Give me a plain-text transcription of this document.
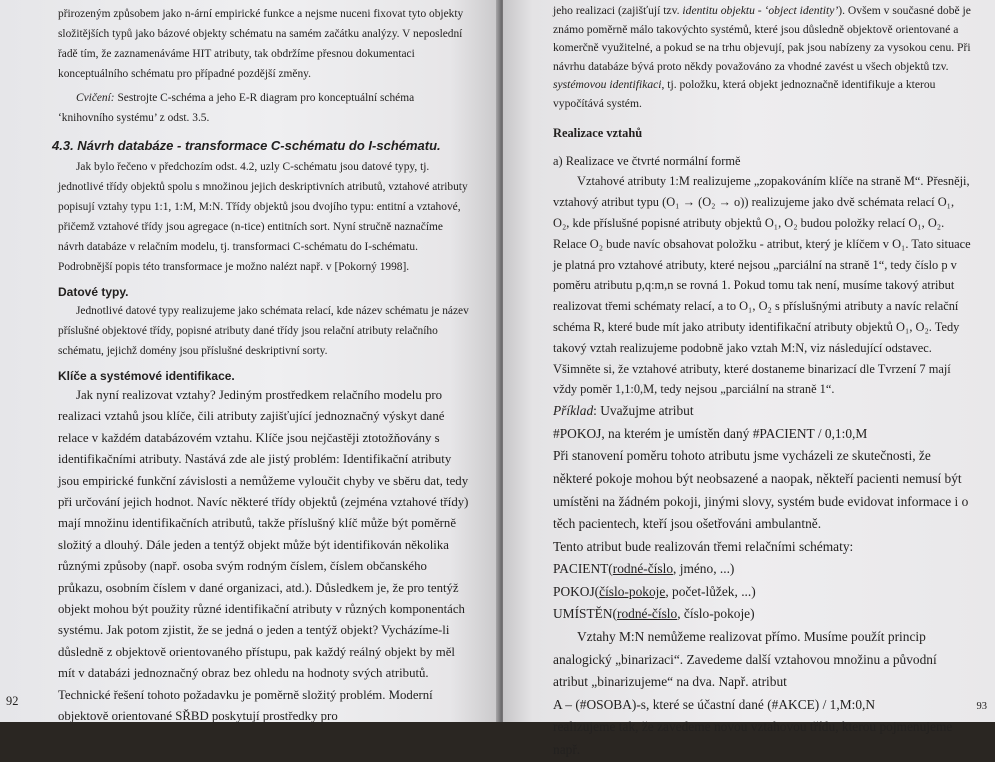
přirozeným způsobem jako n-ární empirické funkce a nejsme nuceni fixovat tyto objekty složitějších typů jako bázové objekty schématu na samém začátku analýzy. V neposlední řadě tím, že zaznamenáváme HIT atributy, tak obdržíme přesnou dokumentaci konceptuálního schématu pro případné pozdější změny.

Cvičení: Sestrojte C-schéma a jeho E-R diagram pro konceptuální schéma ‘knihovního systému’ z odst. 3.5.

4.3. Návrh databáze - transformace C-schématu do I-schématu.

Jak bylo řečeno v předchozím odst. 4.2, uzly C-schématu jsou datové typy, tj. jednotlivé třídy objektů spolu s množinou jejich deskriptivních atributů, vztahové atributy popisují vztahy typu 1:1, 1:M, M:N. Třídy objektů jsou dvojího typu: entitní a vztahové, přičemž vztahové třídy jsou agregace (n-tice) entitních sort. Nyní stručně naznačíme návrh databáze v relačním modelu, tj. transformaci C-schématu do I-schématu. Podrobnější popis této transformace je možno nalézt např. v [Pokorný 1998].

Datové typy.

Jednotlivé datové typy realizujeme jako schémata relací, kde název schématu je název příslušné objektové třídy, popisné atributy dané třídy jsou relační atributy relačního schématu, jejichž domény jsou příslušné deskriptivní sorty.

Klíče a systémové identifikace.

Jak nyní realizovat vztahy? Jediným prostředkem relačního modelu pro realizaci vztahů jsou klíče, čili atributy zajišťující jednoznačný výskyt dané relace v každém databázovém vztahu. Klíče jsou nejčastěji ztotožňovány s identifikačními atributy. Nastává zde ale jistý problém: Identifikační atributy jsou empirické funkční závislosti a nemůžeme vyloučit chyby ve sběru dat, tedy při určování jejich hodnot. Navíc některé třídy objektů (zejména vztahové třídy) mají množinu identifikačních atributů, takže příslušný klíč může být poměrně složitý a dlouhý. Dále jeden a tentýž objekt může být identifikován několika různými způsoby (např. osoba svým rodným číslem, číslem občanského průkazu, osobním číslem v dané organizaci, atd.). Důsledkem je, že pro tentýž objekt mohou být použity různé identifikační atributy v různých komponentách systému. Jak potom zjistit, že se jedná o jeden a tentýž objekt? Vycházíme-li důsledně z objektově orientovaného přístupu, pak každý reálný objekt by měl mít v databázi jednoznačný obraz bez ohledu na hodnoty svých atributů. Technické řešení tohoto požadavku je poměrně složitý problém. Moderní objektově orientované SŘBD poskytují prostředky pro

92

jeho realizaci (zajišťují tzv. identitu objektu - ‘object identity’). Ovšem v současné době je známo poměrně málo takovýchto systémů, které jsou důsledně objektově orientované a komerčně využitelné, a pokud se na trhu objevují, pak jsou nabízeny za vysokou cenu. Při návrhu databáze bývá proto někdy považováno za vhodné zavést u všech objektů tzv. systémovou identifikaci, tj. položku, která objekt jednoznačně identifikuje a kterou vypočítává systém.

Realizace vztahů

a) Realizace ve čtvrté normální formě

Vztahové atributy 1:M realizujeme „zopakováním klíče na straně M“. Přesněji, vztahový atribut typu (O₁ → (O₂ → o)) realizujeme jako dvě schémata relací O₁, O₂, kde příslušné popisné atributy objektů O₁, O₂ budou položky relací O₁, O₂. Relace O₂ bude navíc obsahovat položku - atribut, který je klíčem v O₁. Tato situace je platná pro vztahové atributy, které nejsou „parciální na straně 1“, tedy číslo p v poměru atributu p,q:m,n se rovná 1. Pokud tomu tak není, musíme takový atribut realizovat třemi schématy relací, a to O₁, O₂ s příslušnými atributy a navíc relační schéma R, které bude mít jako atributy identifikační atributy objektů O₁, O₂. Tedy takový vztah realizujeme podobně jako vztah M:N, viz následující odstavec. Všimněte si, že vztahové atributy, které dostaneme binarizací dle Tvrzení 7 mají vždy poměr 1,1:0,M, tedy nejsou „parciální na straně 1“.

Příklad: Uvažujme atribut

#POKOJ, na kterém je umístěn daný #PACIENT / 0,1:0,M

Při stanovení poměru tohoto atributu jsme vycházeli ze skutečnosti, že některé pokoje mohou být neobsazené a naopak, někteří pacienti nemusí být umístěni na žádném pokoji, jinými slovy, systém bude evidovat informace i o těch pacientech, kteří jsou ošetřováni ambulantně.

Tento atribut bude realizován třemi relačními schématy:

PACIENT(rodné-číslo, jméno, ...)
POKOJ(číslo-pokoje, počet-lůžek, ...)
UMÍSTĚN(rodné-číslo, číslo-pokoje)

Vztahy M:N nemůžeme realizovat přímo. Musíme použít princip analogický „binarizaci“. Zavedeme další vztahovou množinu a původní atribut „binarizujeme“ na dva. Např. atribut

A – (#OSOBA)-s, které se účastní dané (#AKCE) / 1,M:0,N

realizujeme tak, že zavedeme novou vztahovou třídu, kterou pojmenujeme např.

93
